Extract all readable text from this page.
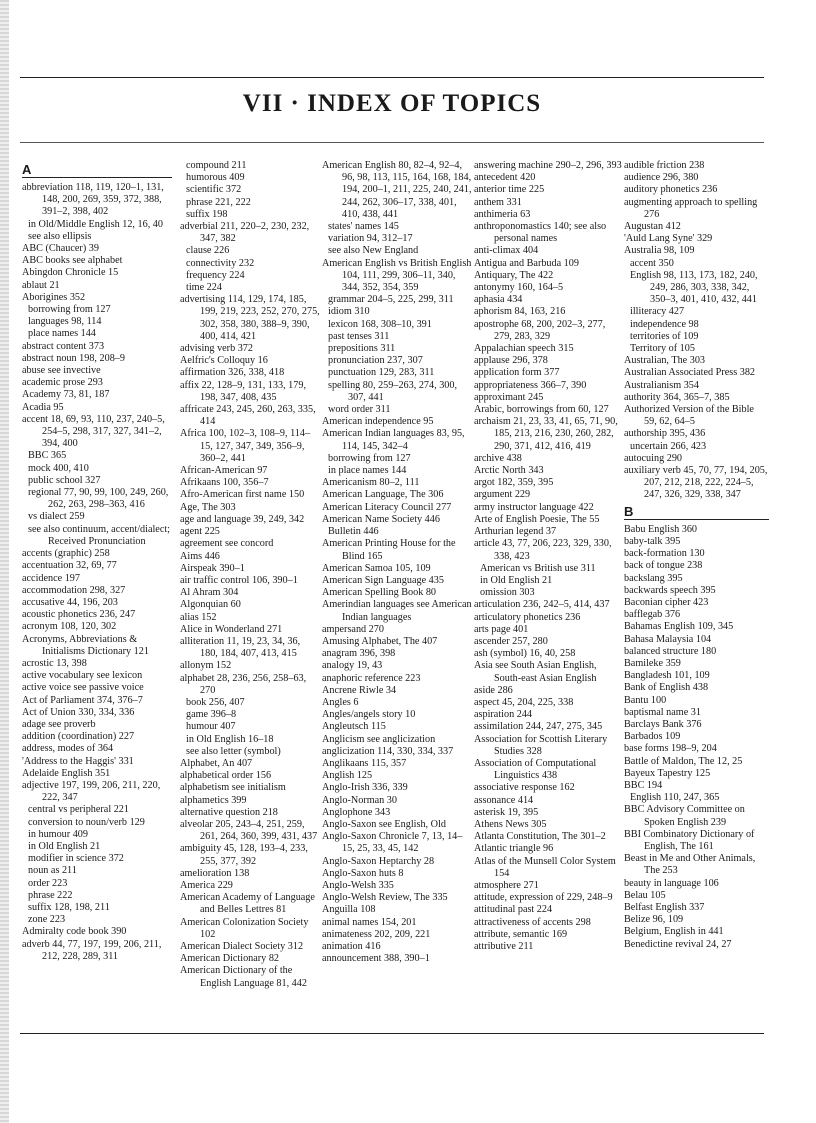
VII · INDEX OF TOPICS
A
abbreviation 118, 119, 120–1, 131, 148, 200, 269, 359, 372, 388, 391–2, 398, 402
in Old/Middle English 12, 16, 40
see also ellipsis
ABC (Chaucer) 39
ABC books see alphabet
Abingdon Chronicle 15
ablaut 21
Aborigines 352
borrowing from 127
languages 98, 114
place names 144
abstract content 373
abstract noun 198, 208–9
abuse see invective
academic prose 293
Academy 73, 81, 187
Acadia 95
accent 18, 69, 93, 110, 237, 240–5, 254–5, 298, 317, 327, 341–2, 394, 400
BBC 365
mock 400, 410
public school 327
regional 77, 90, 99, 100, 249, 260, 262, 263, 298–363, 416
vs dialect 259
see also continuum, accent/dialect; Received Pronunciation
accents (graphic) 258
accentuation 32, 69, 77
accidence 197
accommodation 298, 327
accusative 44, 196, 203
acoustic phonetics 236, 247
acronym 108, 120, 302
Acronyms, Abbreviations & Initialisms Dictionary 121
acrostic 13, 398
active vocabulary see lexicon
active voice see passive voice
Act of Parliament 374, 376–7
Act of Union 330, 334, 336
adage see proverb
addition (coordination) 227
address, modes of 364
'Address to the Haggis' 331
Adelaide English 351
adjective 197, 199, 206, 211, 220, 222, 347
central vs peripheral 221
conversion to noun/verb 129
in humour 409
in Old English 21
modifier in science 372
noun as 211
order 223
phrase 222
suffix 128, 198, 211
zone 223
Admiralty code book 390
adverb 44, 77, 197, 199, 206, 211, 212, 228, 289, 311
compound 211
humorous 409
scientific 372
phrase 221, 222
suffix 198
adverbial 211, 220–2, 230, 232, 347, 382
clause 226
connectivity 232
frequency 224
time 224
advertising 114, 129, 174, 185, 199, 219, 223, 252, 270, 275, 302, 358, 380, 388–9, 390, 400, 414, 421
advising verb 372
Aelfric's Colloquy 16
affirmation 326, 338, 418
affix 22, 128–9, 131, 133, 179, 198, 347, 408, 435
affricate 243, 245, 260, 263, 335, 414
Africa 100, 102–3, 108–9, 114–15, 127, 347, 349, 356–9, 360–2, 441
African-American 97
Afrikaans 100, 356–7
Afro-American first name 150
Age, The 303
age and language 39, 249, 342
agent 225
agreement see concord
Aims 446
Airspeak 390–1
air traffic control 106, 390–1
Al Ahram 304
Algonquian 60
alias 152
Alice in Wonderland 271
alliteration 11, 19, 23, 34, 36, 180, 184, 407, 413, 415
allonym 152
alphabet 28, 236, 256, 258–63, 270
book 256, 407
game 396–8
humour 407
in Old English 16–18
see also letter (symbol)
Alphabet, An 407
alphabetical order 156
alphabetism see initialism
alphametics 399
alternative question 218
alveolar 205, 243–4, 251, 259, 261, 264, 360, 399, 431, 437
ambiguity 45, 128, 193–4, 233, 255, 377, 392
amelioration 138
America 229
American Academy of Language and Belles Lettres 81
American Colonization Society 102
American Dialect Society 312
American Dictionary 82
American Dictionary of the English Language 81, 442
American English 80, 82–4, 92–4, 96, 98, 113, 115, 164, 168, 184, 194, 200–1, 211, 225, 240, 241, 244, 262, 306–17, 338, 401, 410, 438, 441
states' names 145
variation 94, 312–17
see also New England
American English vs British English 104, 111, 299, 306–11, 340, 344, 352, 354, 359
grammar 204–5, 225, 299, 311
idiom 310
lexicon 168, 308–10, 391
past tenses 311
prepositions 311
pronunciation 237, 307
punctuation 129, 283, 311
spelling 80, 259–263, 274, 300, 307, 441
word order 311
American independence 95
American Indian languages 83, 95, 114, 145, 342–4
borrowing from 127
in place names 144
Americanism 80–2, 111
American Language, The 306
American Literacy Council 277
American Name Society 446
Bulletin 446
American Printing House for the Blind 165
American Samoa 105, 109
American Sign Language 435
American Spelling Book 80
Amerindian languages see American Indian languages
ampersand 270
Amusing Alphabet, The 407
anagram 396, 398
analogy 19, 43
anaphoric reference 223
Ancrene Riwle 34
Angles 6
Angles/angels story 10
Angleutsch 115
Anglicism see anglicization
anglicization 114, 330, 334, 337
Anglikaans 115, 357
Anglish 125
Anglo-Irish 336, 339
Anglo-Norman 30
Anglophone 343
Anglo-Saxon see English, Old
Anglo-Saxon Chronicle 7, 13, 14–15, 25, 33, 45, 142
Anglo-Saxon Heptarchy 28
Anglo-Saxon huts 8
Anglo-Welsh 335
Anglo-Welsh Review, The 335
Anguilla 108
animal names 154, 201
animateness 202, 209, 221
animation 416
announcement 388, 390–1
answering machine 290–2, 296, 393
antecedent 420
anterior time 225
anthem 331
anthimeria 63
anthroponomastics 140; see also personal names
anti-climax 404
Antigua and Barbuda 109
Antiquary, The 422
antonymy 160, 164–5
aphasia 434
aphorism 84, 163, 216
apostrophe 68, 200, 202–3, 277, 279, 283, 329
Appalachian speech 315
applause 296, 378
application form 377
appropriateness 366–7, 390
approximant 245
Arabic, borrowings from 60, 127
archaism 21, 23, 33, 41, 65, 71, 90, 185, 213, 216, 230, 260, 282, 290, 371, 412, 416, 419
archive 438
Arctic North 343
argot 182, 359, 395
argument 229
army instructor language 422
Arte of English Poesie, The 55
Arthurian legend 37
article 43, 77, 206, 223, 329, 330, 338, 423
American vs British use 311
in Old English 21
omission 303
articulation 236, 242–5, 414, 437
articulatory phonetics 236
arts page 401
ascender 257, 280
ash (symbol) 16, 40, 258
Asia see South Asian English, South-east Asian English
aside 286
aspect 45, 204, 225, 338
aspiration 244
assimilation 244, 247, 275, 345
Association for Scottish Literary Studies 328
Association of Computational Linguistics 438
associative response 162
assonance 414
asterisk 19, 395
Athens News 305
Atlanta Constitution, The 301–2
Atlantic triangle 96
Atlas of the Munsell Color System 154
atmosphere 271
attitude, expression of 229, 248–9
attitudinal past 224
attractiveness of accents 298
attribute, semantic 169
attributive 211
audible friction 238
audience 296, 380
auditory phonetics 236
augmenting approach to spelling 276
Augustan 412
'Auld Lang Syne' 329
Australia 98, 109
accent 350
English 98, 113, 173, 182, 240, 249, 286, 303, 338, 342, 350–3, 401, 410, 432, 441
illiteracy 427
independence 98
territories of 109
Territory of 105
Australian, The 303
Australian Associated Press 382
Australianism 354
authority 364, 365–7, 385
Authorized Version of the Bible 59, 62, 64–5
authorship 395, 436
uncertain 266, 423
autocuing 290
auxiliary verb 45, 70, 77, 194, 205, 207, 212, 218, 222, 224–5, 247, 326, 329, 338, 347
B
Babu English 360
baby-talk 395
back-formation 130
back of tongue 238
backslang 395
backwards speech 395
Baconian cipher 423
bafflegab 376
Bahamas English 109, 345
Bahasa Malaysia 104
balanced structure 180
Bamileke 359
Bangladesh 101, 109
Bank of English 438
Bantu 100
baptismal name 31
Barclays Bank 376
Barbados 109
base forms 198–9, 204
Battle of Maldon, The 12, 25
Bayeux Tapestry 125
BBC 194
English 110, 247, 365
BBC Advisory Committee on Spoken English 239
BBI Combinatory Dictionary of English, The 161
Beast in Me and Other Animals, The 253
beauty in language 106
Belau 105
Belfast English 337
Belize 96, 109
Belgium, English in 441
Benedictine revival 24, 27
